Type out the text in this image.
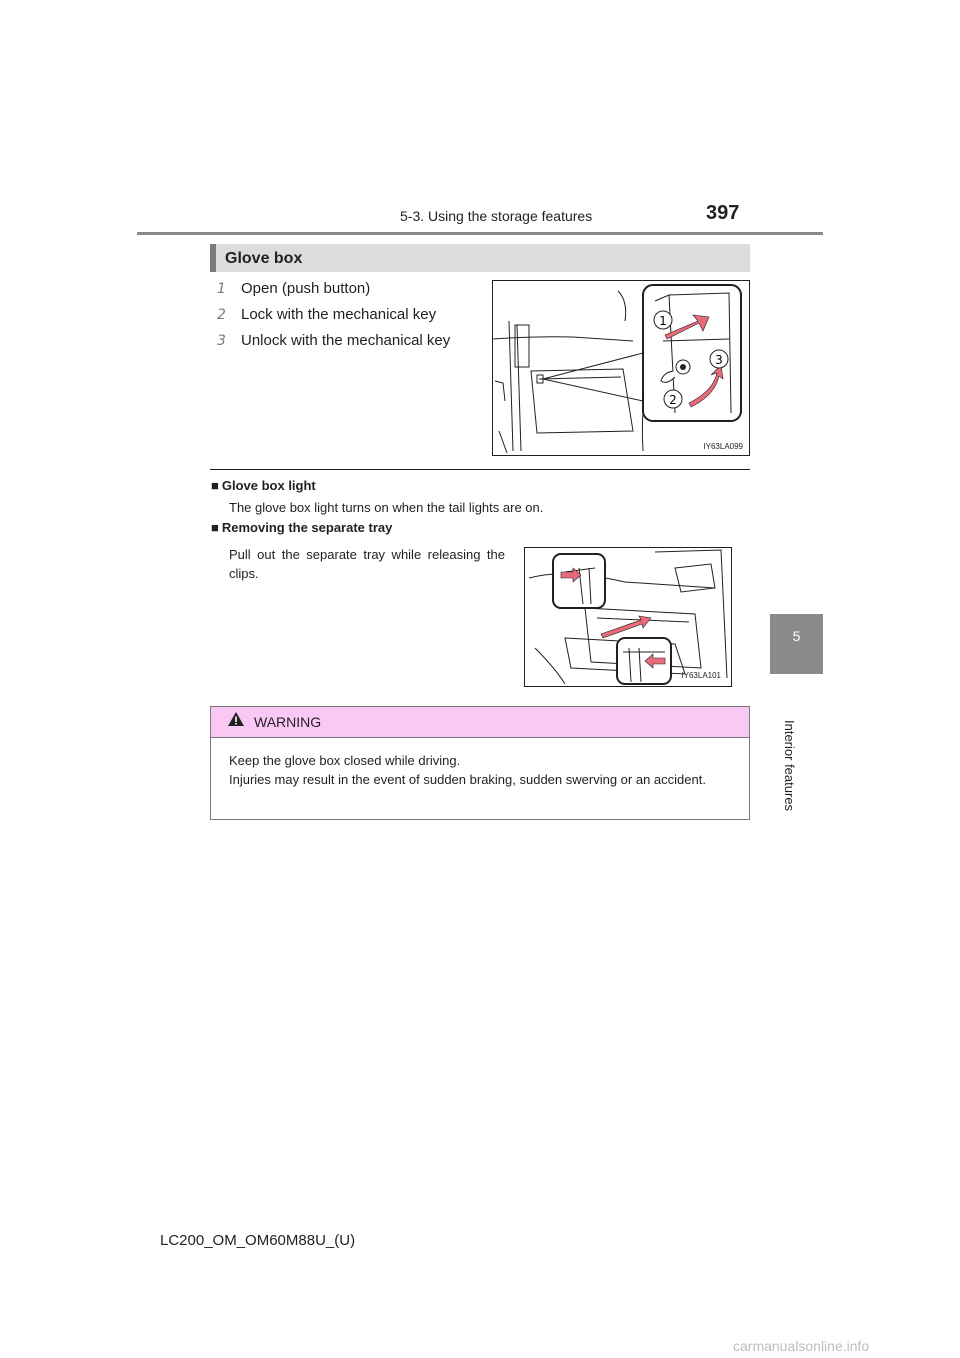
5-3. Using the storage features	397
5
Interior features
Glove box
1 Open (push button)
2 Lock with the mechanical key
3 Unlock with the mechanical key
1
2
3
IY63LA099
■ Glove box light
The glove box light turns on when the tail lights are on.
■ Removing the separate tray
Pull out the separate tray while releasing the clips.
IY63LA101
WARNING
Keep the glove box closed while driving.
Injuries may result in the event of sudden braking, sudden swerving or an accident.
LC200_OM_OM60M88U_(U)
carmanualsonline.info
